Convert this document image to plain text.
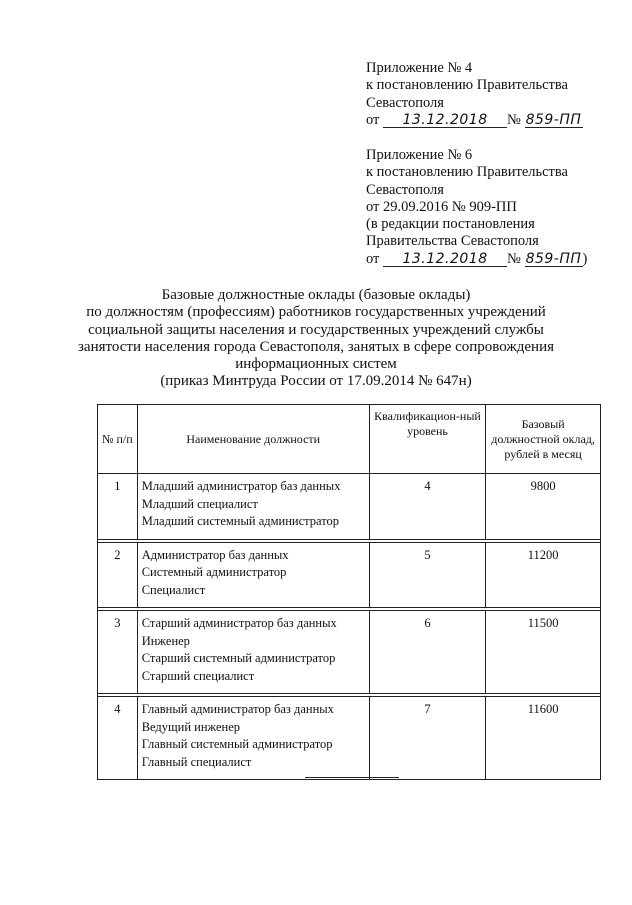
Приложение № 4
к постановлению Правительства
Севастополя
от 13.12.2018 № 859-ПП
Приложение № 6
к постановлению Правительства
Севастополя
от 29.09.2016 № 909-ПП
(в редакции постановления
Правительства Севастополя
от 13.12.2018 № 859-ПП)
Базовые должностные оклады (базовые оклады)
по должностям (профессиям) работников государственных учреждений
социальной защиты населения и государственных учреждений службы
занятости населения города Севастополя, занятых в сфере сопровождения
информационных систем
(приказ Минтруда России от 17.09.2014 № 647н)
№ п/п	Наименование должности	Квалификацион-ный уровень	Базовый должностной оклад, рублей в месяц
1	Младший администратор баз данных
Младший специалист
Младший системный администратор	4	9800

2	Администратор баз данных
Системный администратор
Специалист	5	11200

3	Старший администратор баз данных
Инженер
Старший системный администратор
Старший специалист	6	11500

4	Главный администратор баз данных
Ведущий инженер
Главный системный администратор
Главный специалист	7	11600
